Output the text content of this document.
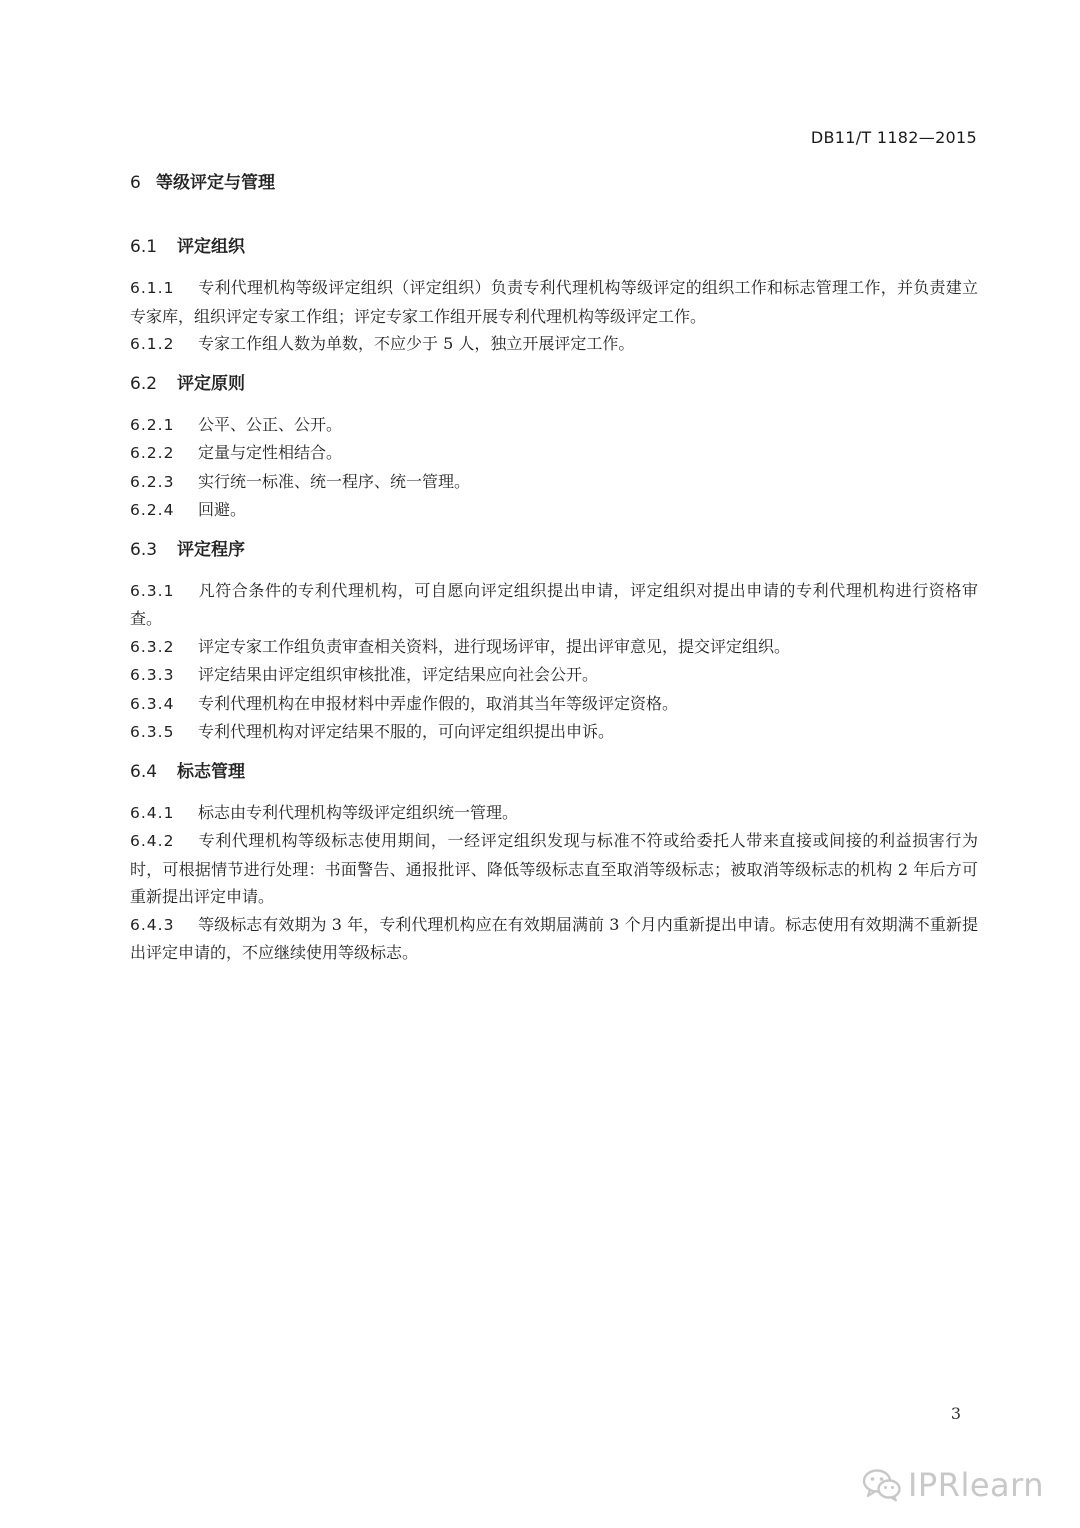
DB11/T 1182—2015
6 等级评定与管理
6.1 评定组织

6.1.1 专利代理机构等级评定组织（评定组织）负责专利代理机构等级评定的组织工作和标志管理工作，并负责建立专家库，组织评定专家工作组；评定专家工作组开展专利代理机构等级评定工作。

6.1.2 专家工作组人数为单数，不应少于 5 人，独立开展评定工作。

6.2 评定原则

6.2.1 公平、公正、公开。

6.2.2 定量与定性相结合。

6.2.3 实行统一标准、统一程序、统一管理。

6.2.4 回避。

6.3 评定程序

6.3.1 凡符合条件的专利代理机构，可自愿向评定组织提出申请，评定组织对提出申请的专利代理机构进行资格审查。

6.3.2 评定专家工作组负责审查相关资料，进行现场评审，提出评审意见，提交评定组织。

6.3.3 评定结果由评定组织审核批准，评定结果应向社会公开。

6.3.4 专利代理机构在申报材料中弄虚作假的，取消其当年等级评定资格。

6.3.5 专利代理机构对评定结果不服的，可向评定组织提出申诉。

6.4 标志管理

6.4.1 标志由专利代理机构等级评定组织统一管理。

6.4.2 专利代理机构等级标志使用期间，一经评定组织发现与标准不符或给委托人带来直接或间接的利益损害行为时，可根据情节进行处理：书面警告、通报批评、降低等级标志直至取消等级标志；被取消等级标志的机构 2 年后方可重新提出评定申请。

6.4.3 等级标志有效期为 3 年，专利代理机构应在有效期届满前 3 个月内重新提出申请。标志使用有效期满不重新提出评定申请的，不应继续使用等级标志。

3
IPRlearn
